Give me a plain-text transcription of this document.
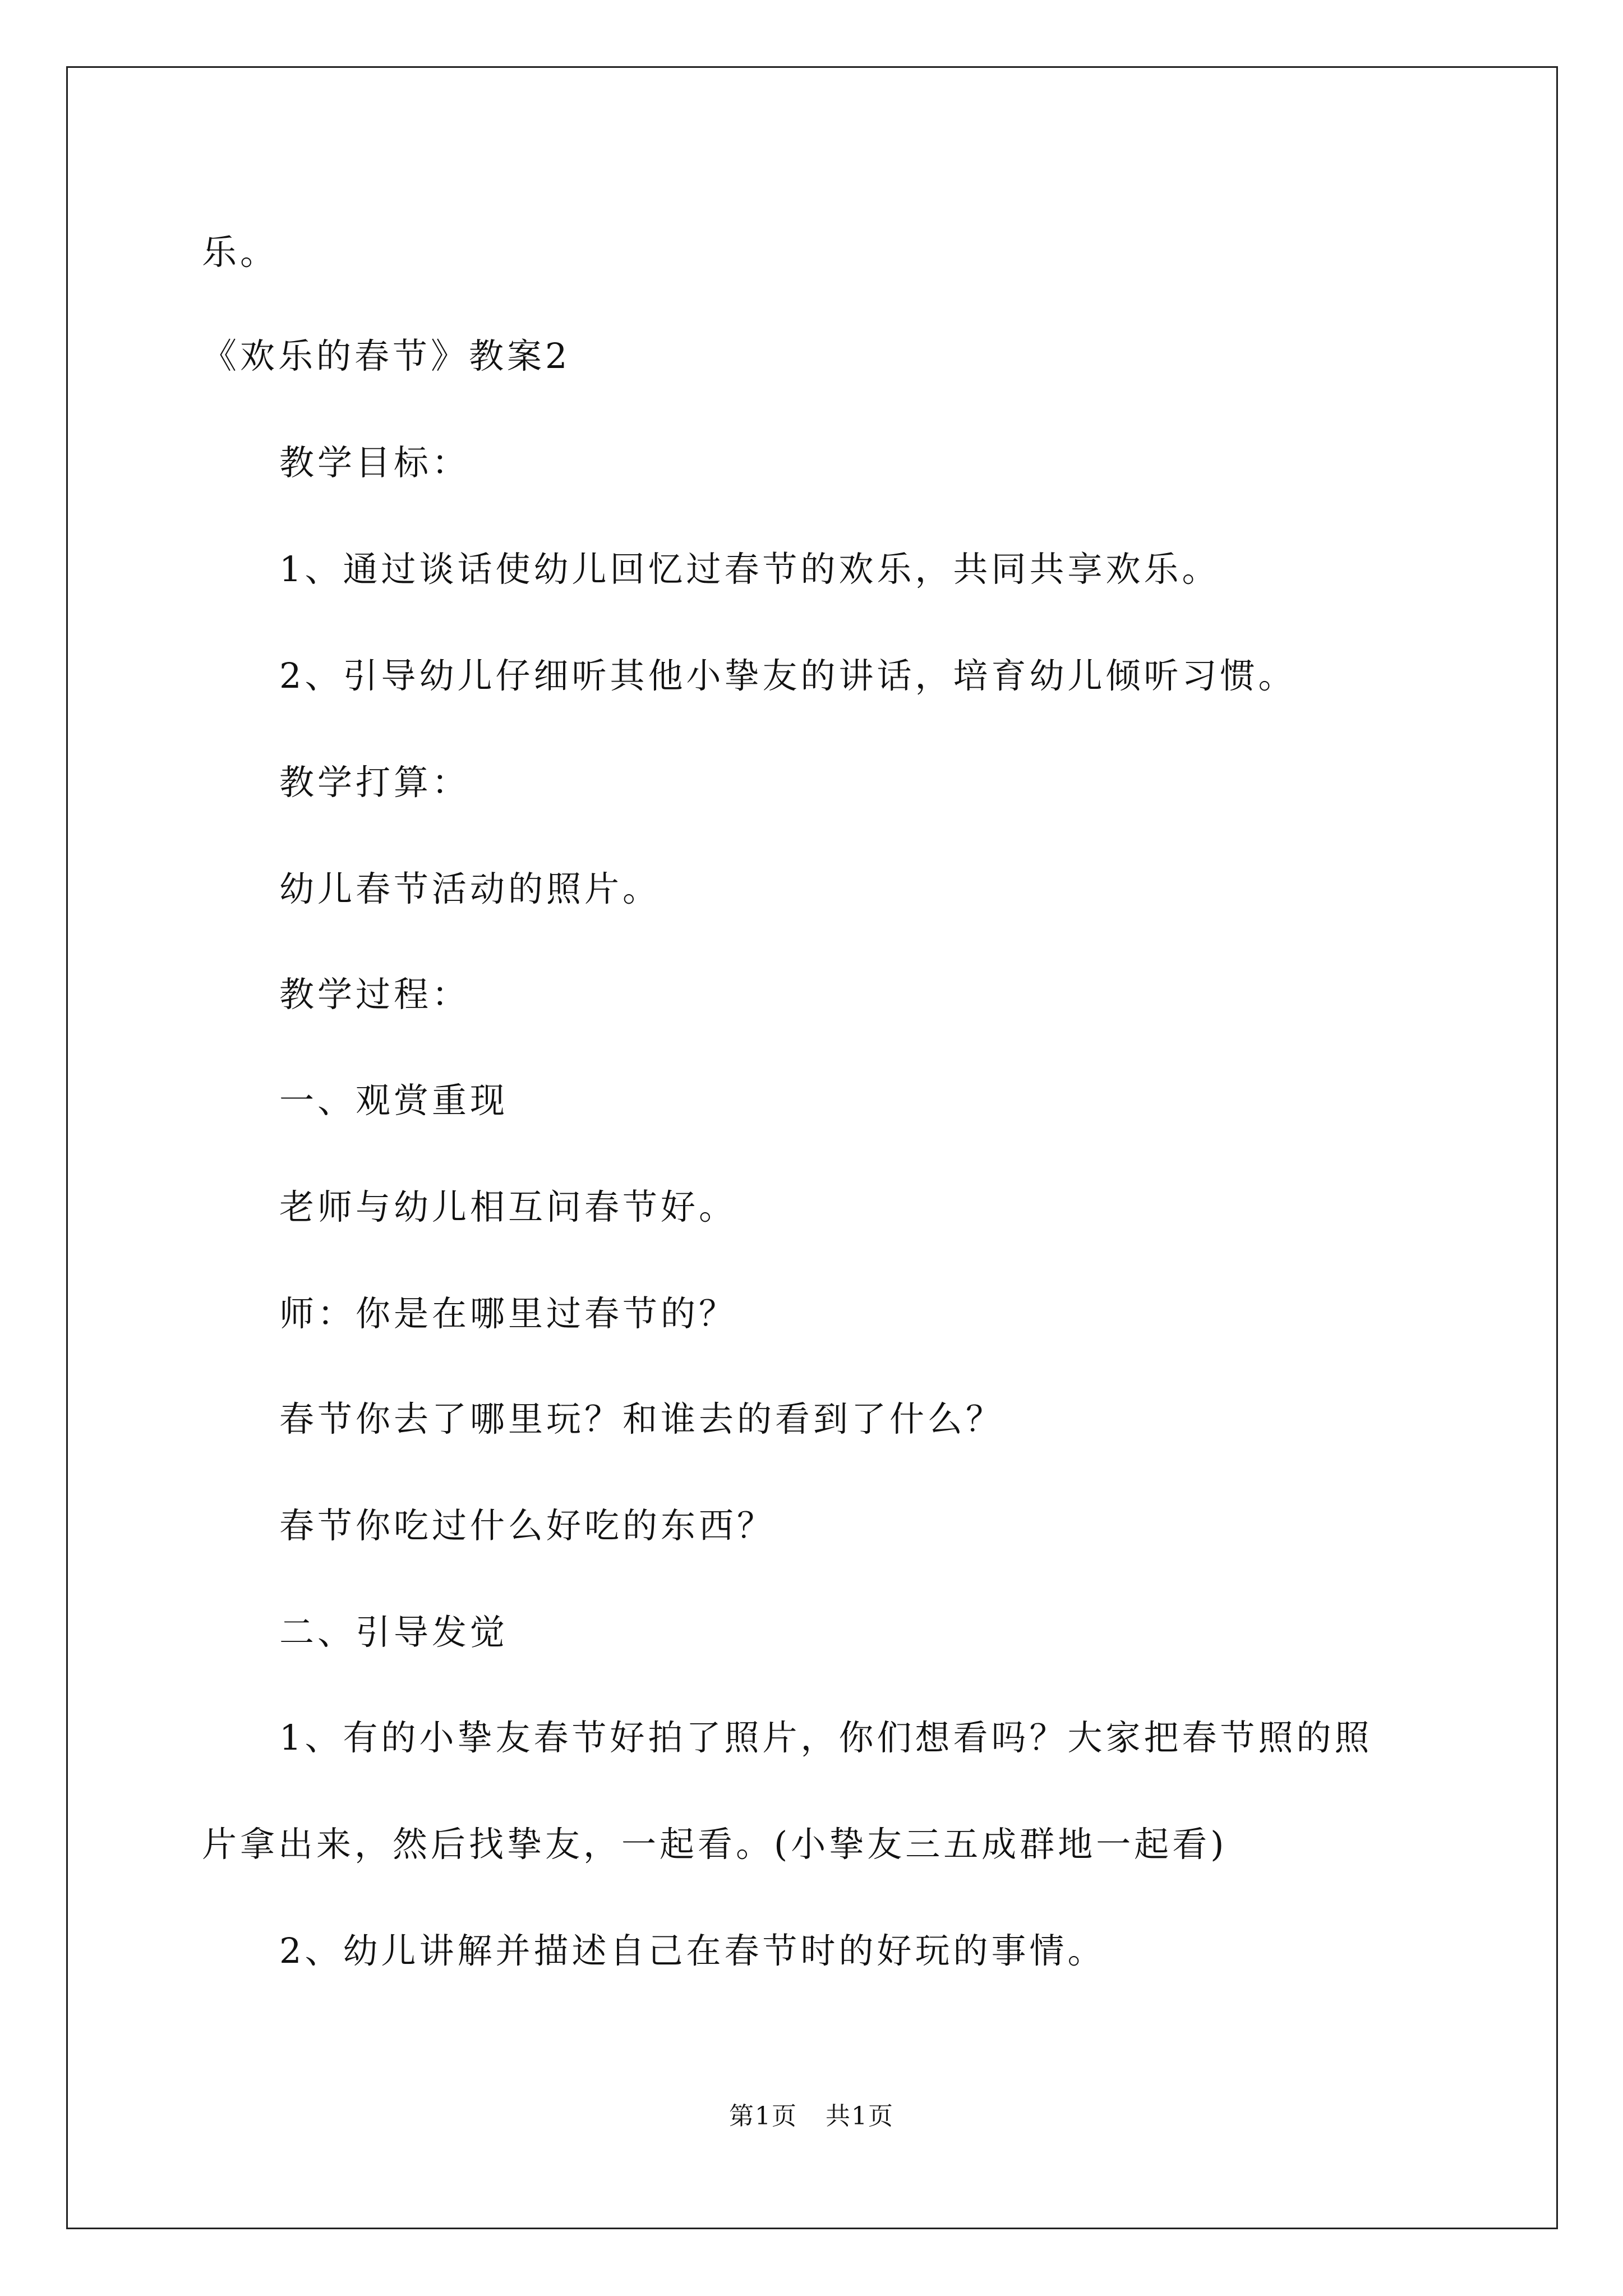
乐。
《欢乐的春节》教案2
教学目标：
1、通过谈话使幼儿回忆过春节的欢乐，共同共享欢乐。
2、引导幼儿仔细听其他小挚友的讲话，培育幼儿倾听习惯。
教学打算：
幼儿春节活动的照片。
教学过程：
一、观赏重现
老师与幼儿相互问春节好。
师：你是在哪里过春节的？
春节你去了哪里玩？和谁去的看到了什么？
春节你吃过什么好吃的东西？
二、引导发觉
1、有的小挚友春节好拍了照片，你们想看吗？大家把春节照的照
片拿出来，然后找挚友，一起看。(小挚友三五成群地一起看)
2、幼儿讲解并描述自己在春节时的好玩的事情。
第1页 共1页
